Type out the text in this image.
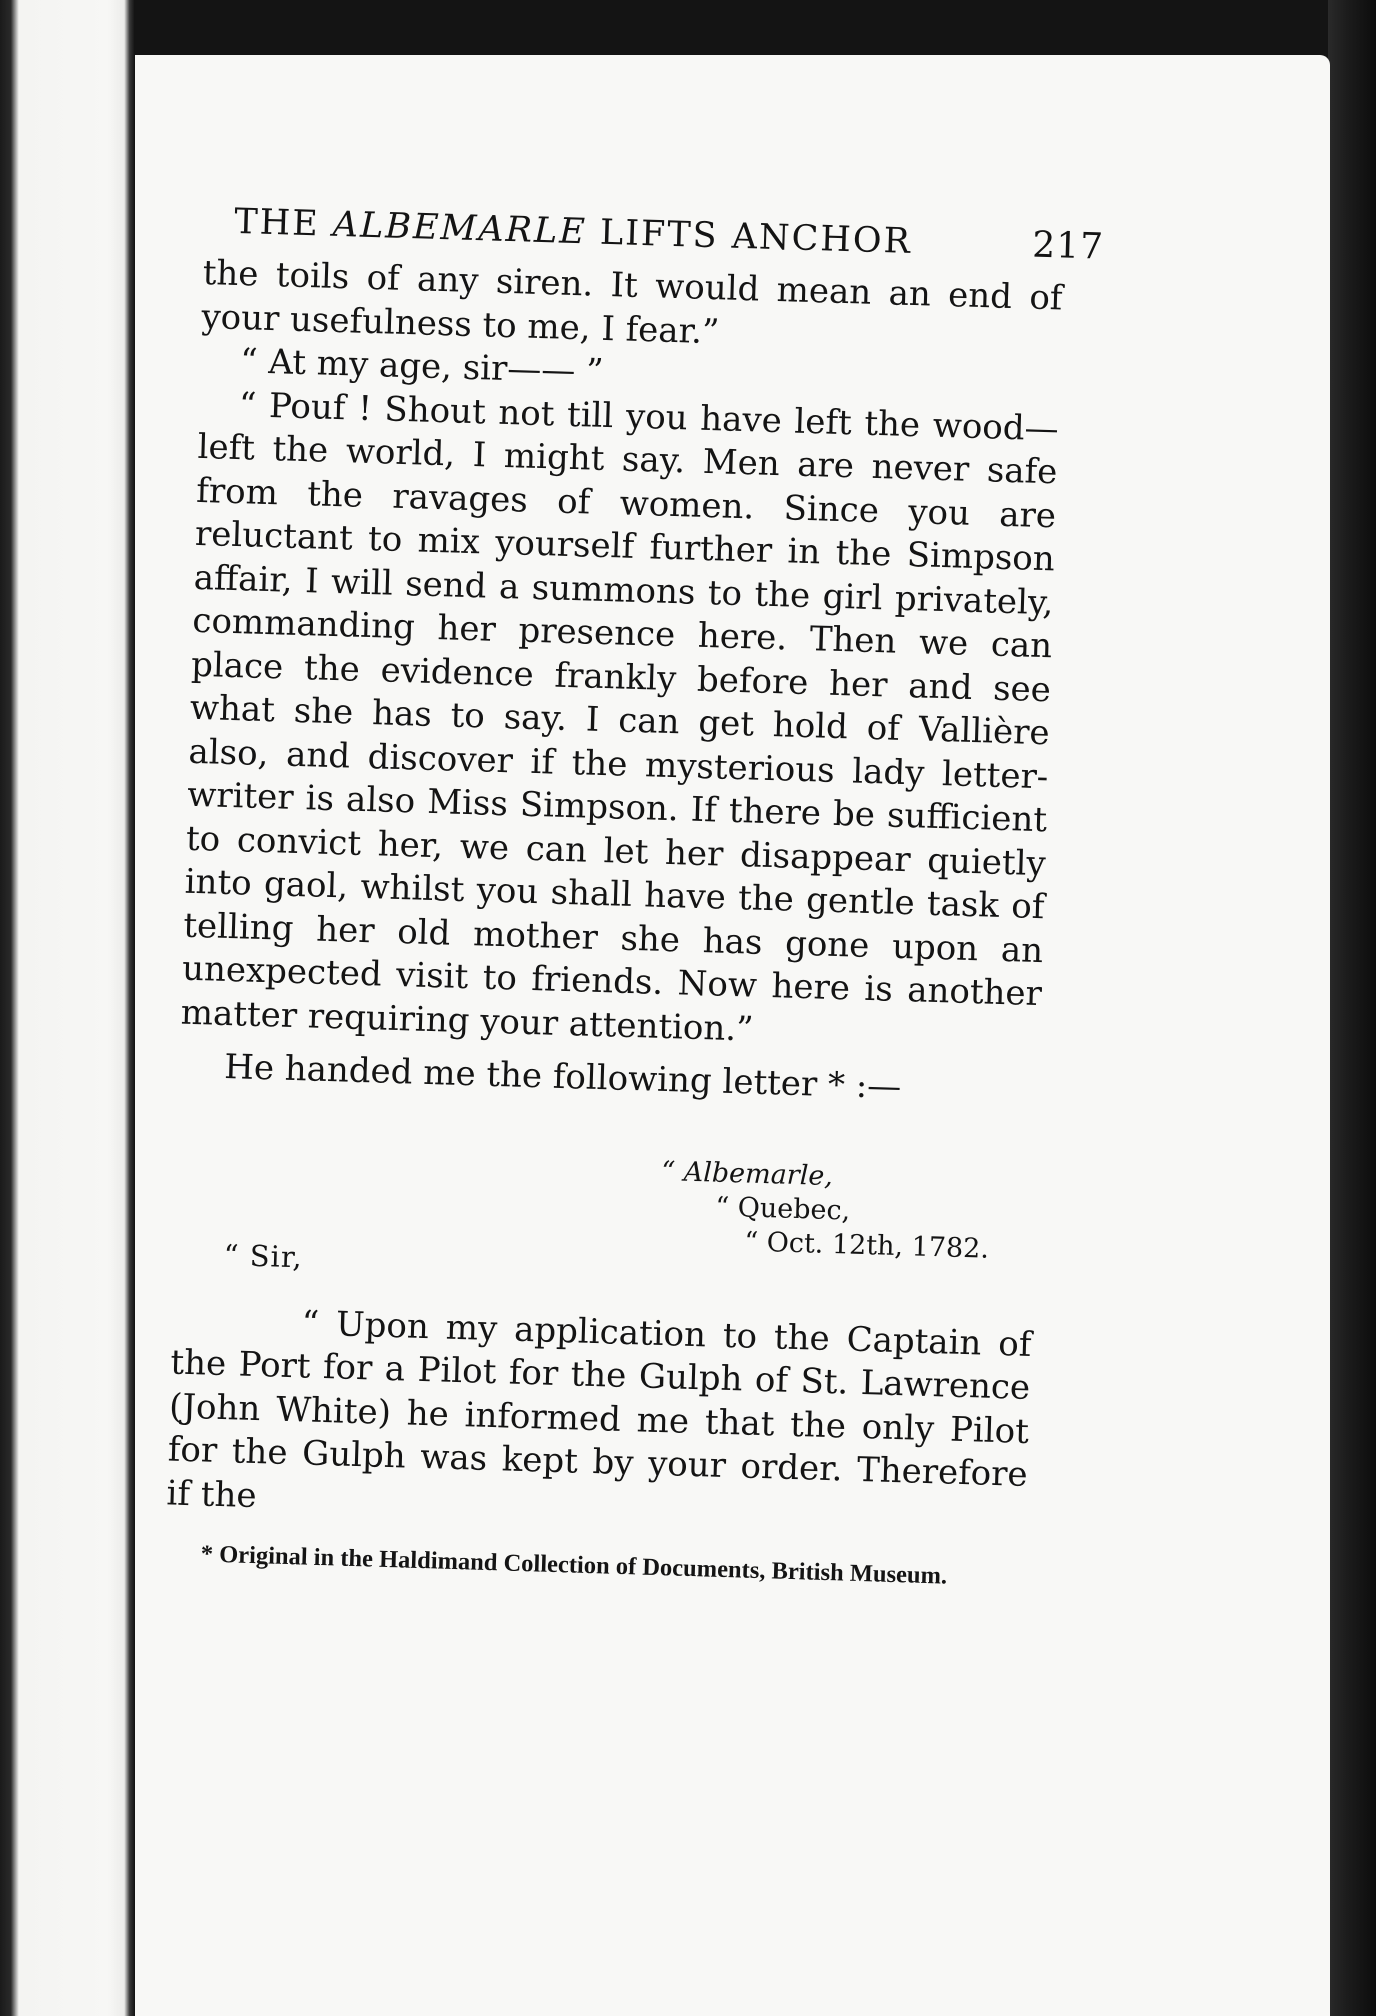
THE ALBEMARLE LIFTS ANCHOR	217

the toils of any siren. It would mean an end of your usefulness to me, I fear.”

“ At my age, sir—— ”

“ Pouf ! Shout not till you have left the wood—left the world, I might say. Men are never safe from the ravages of women. Since you are reluctant to mix yourself further in the Simpson affair, I will send a summons to the girl privately, commanding her presence here. Then we can place the evidence frankly before her and see what she has to say. I can get hold of Vallière also, and discover if the mysterious lady letter-writer is also Miss Simpson. If there be sufficient to convict her, we can let her disappear quietly into gaol, whilst you shall have the gentle task of telling her old mother she has gone upon an unexpected visit to friends. Now here is another matter requiring your attention.”

He handed me the following letter * :—

“ Albemarle,
“ Quebec,
“ Oct. 12th, 1782.
“ Sir,

“ Upon my application to the Captain of the Port for a Pilot for the Gulph of St. Lawrence (John White) he informed me that the only Pilot for the Gulph was kept by your order. Therefore if the

* Original in the Haldimand Collection of Documents, British Museum.
